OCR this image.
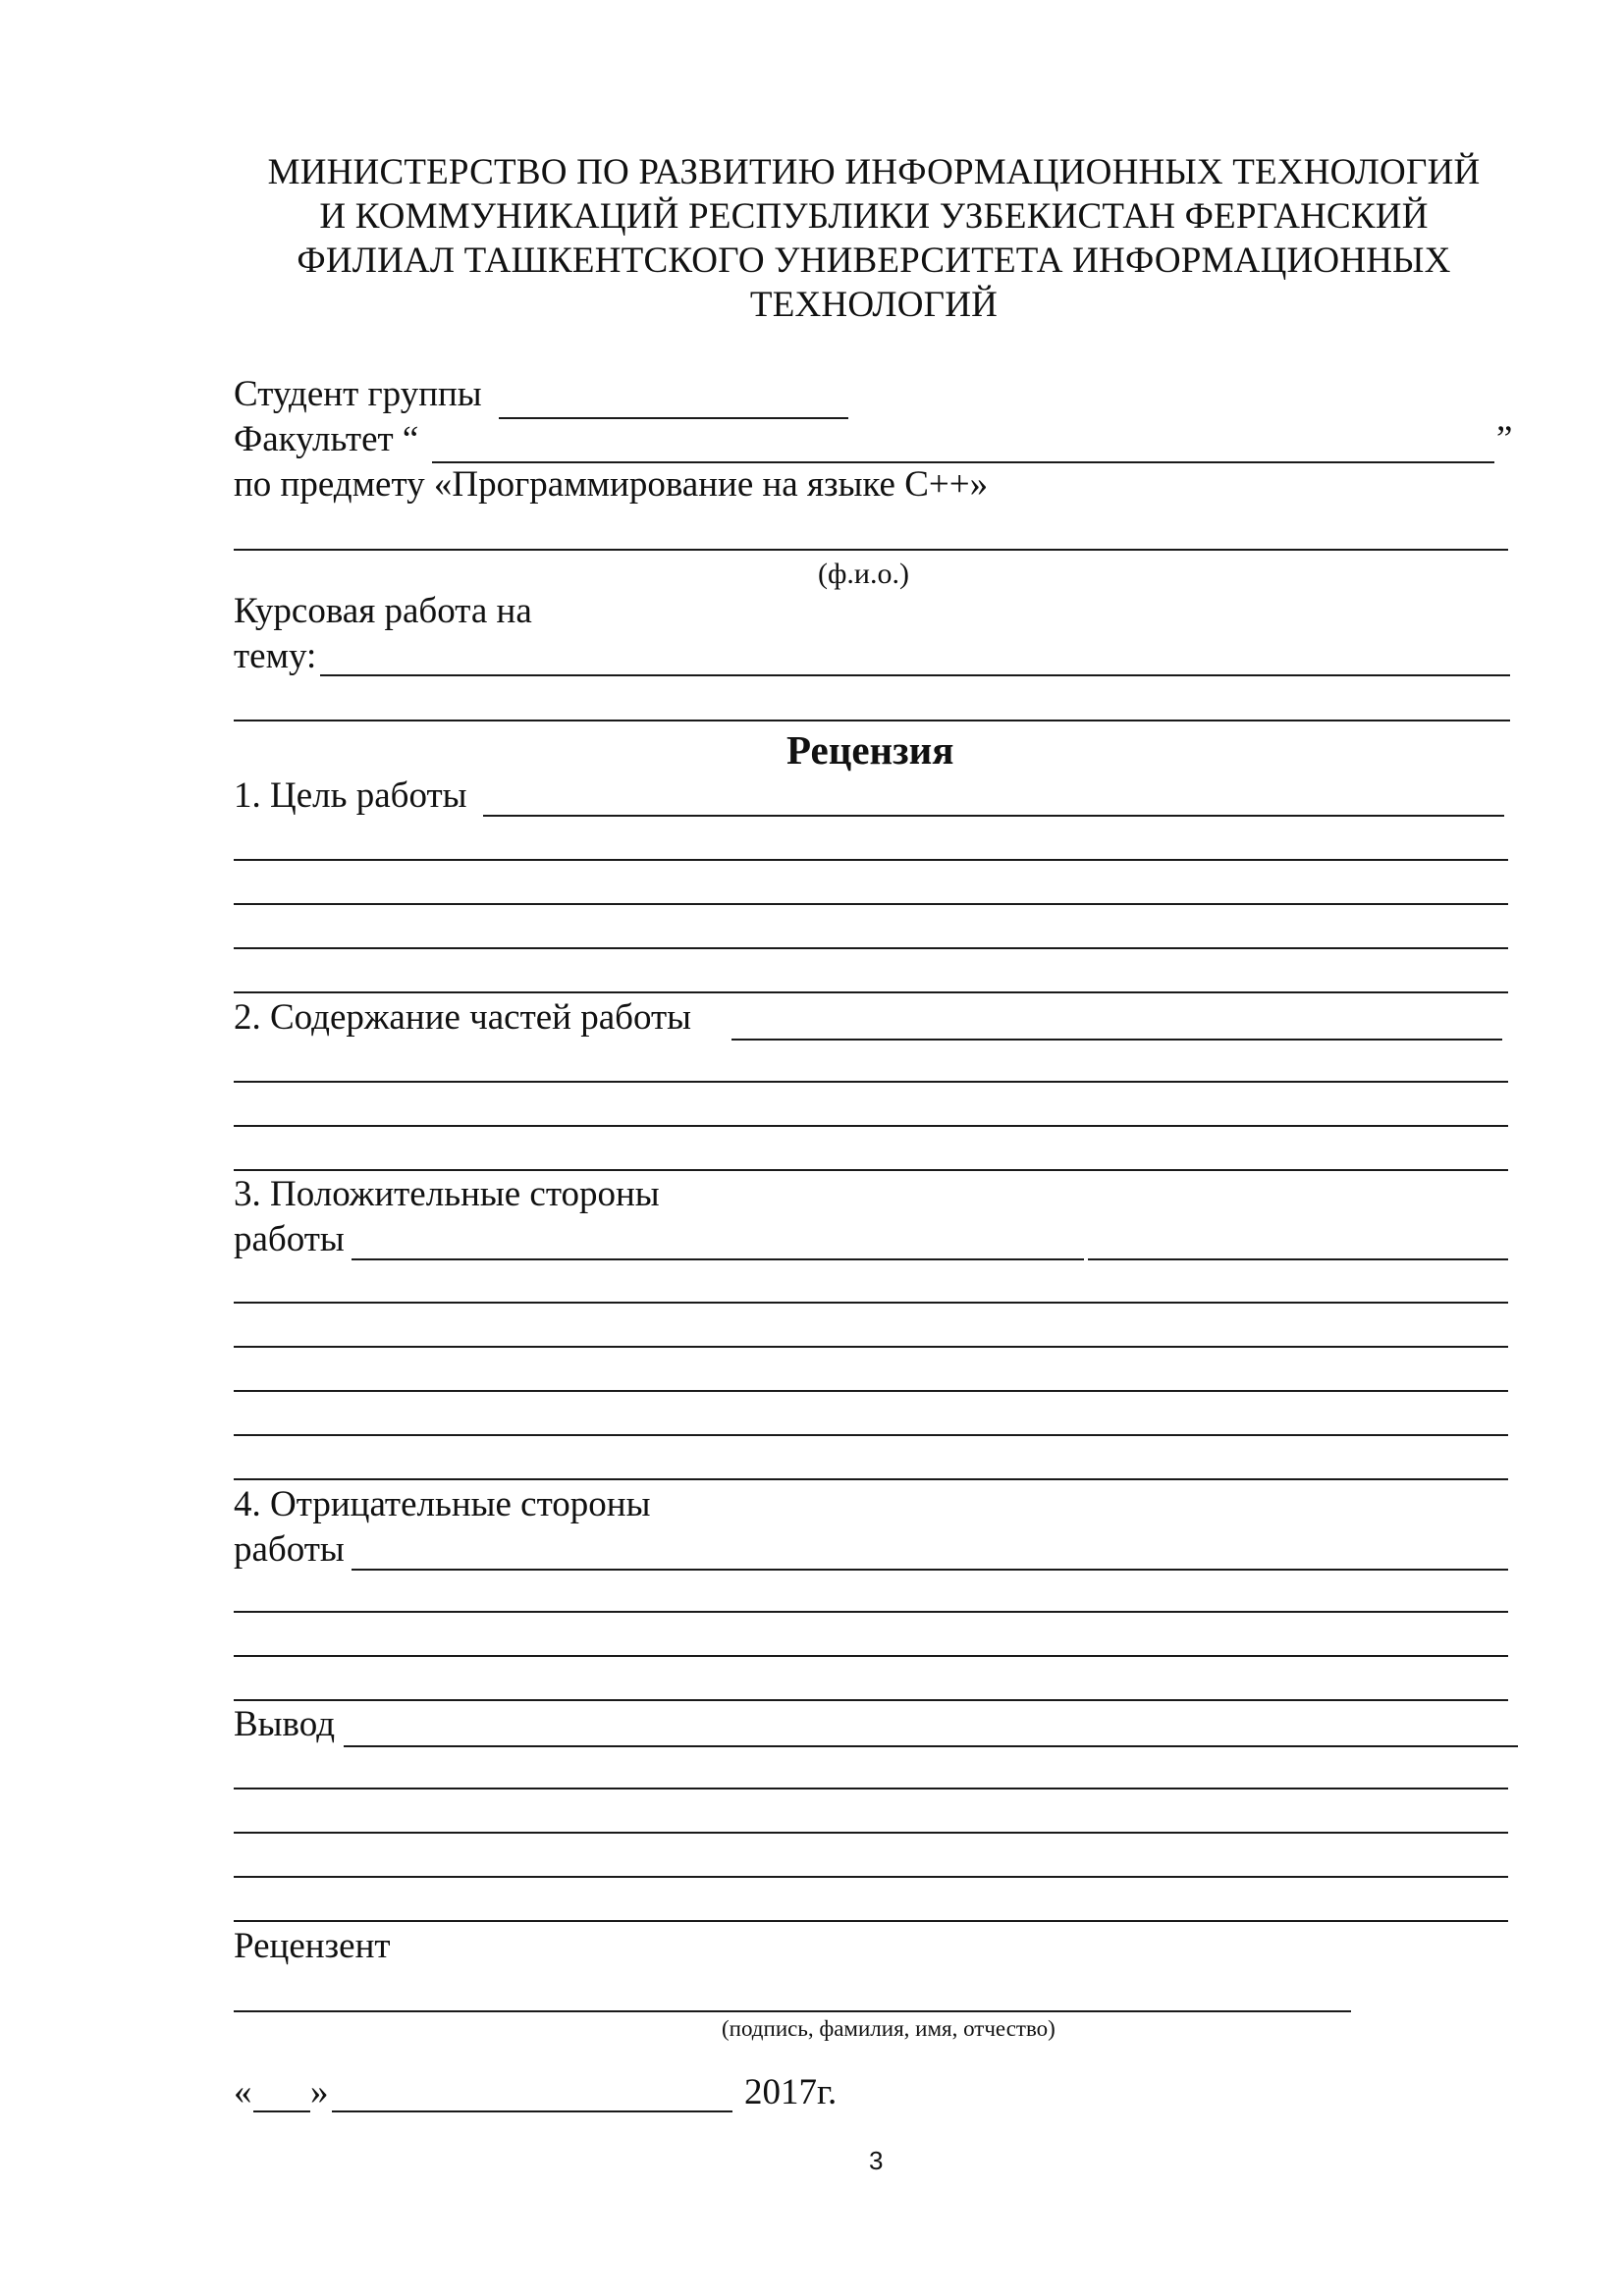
МИНИСТЕРСТВО ПО РАЗВИТИЮ ИНФОРМАЦИОННЫХ ТЕХНОЛОГИЙ
И КОММУНИКАЦИЙ РЕСПУБЛИКИ УЗБЕКИСТАН ФЕРГАНСКИЙ
ФИЛИАЛ ТАШКЕНТСКОГО УНИВЕРСИТЕТА ИНФОРМАЦИОННЫХ
ТЕХНОЛОГИЙ
Студент группы
Факультет “	”
по предмету «Программирование на языке С++»
(ф.и.о.)
Курсовая работа на
тему:
Рецензия
1. Цель работы
2. Содержание частей работы
3. Положительные стороны
работы
4. Отрицательные стороны
работы
Вывод
Рецензент
(подпись, фамилия, имя, отчество)
« »	2017г.
3
